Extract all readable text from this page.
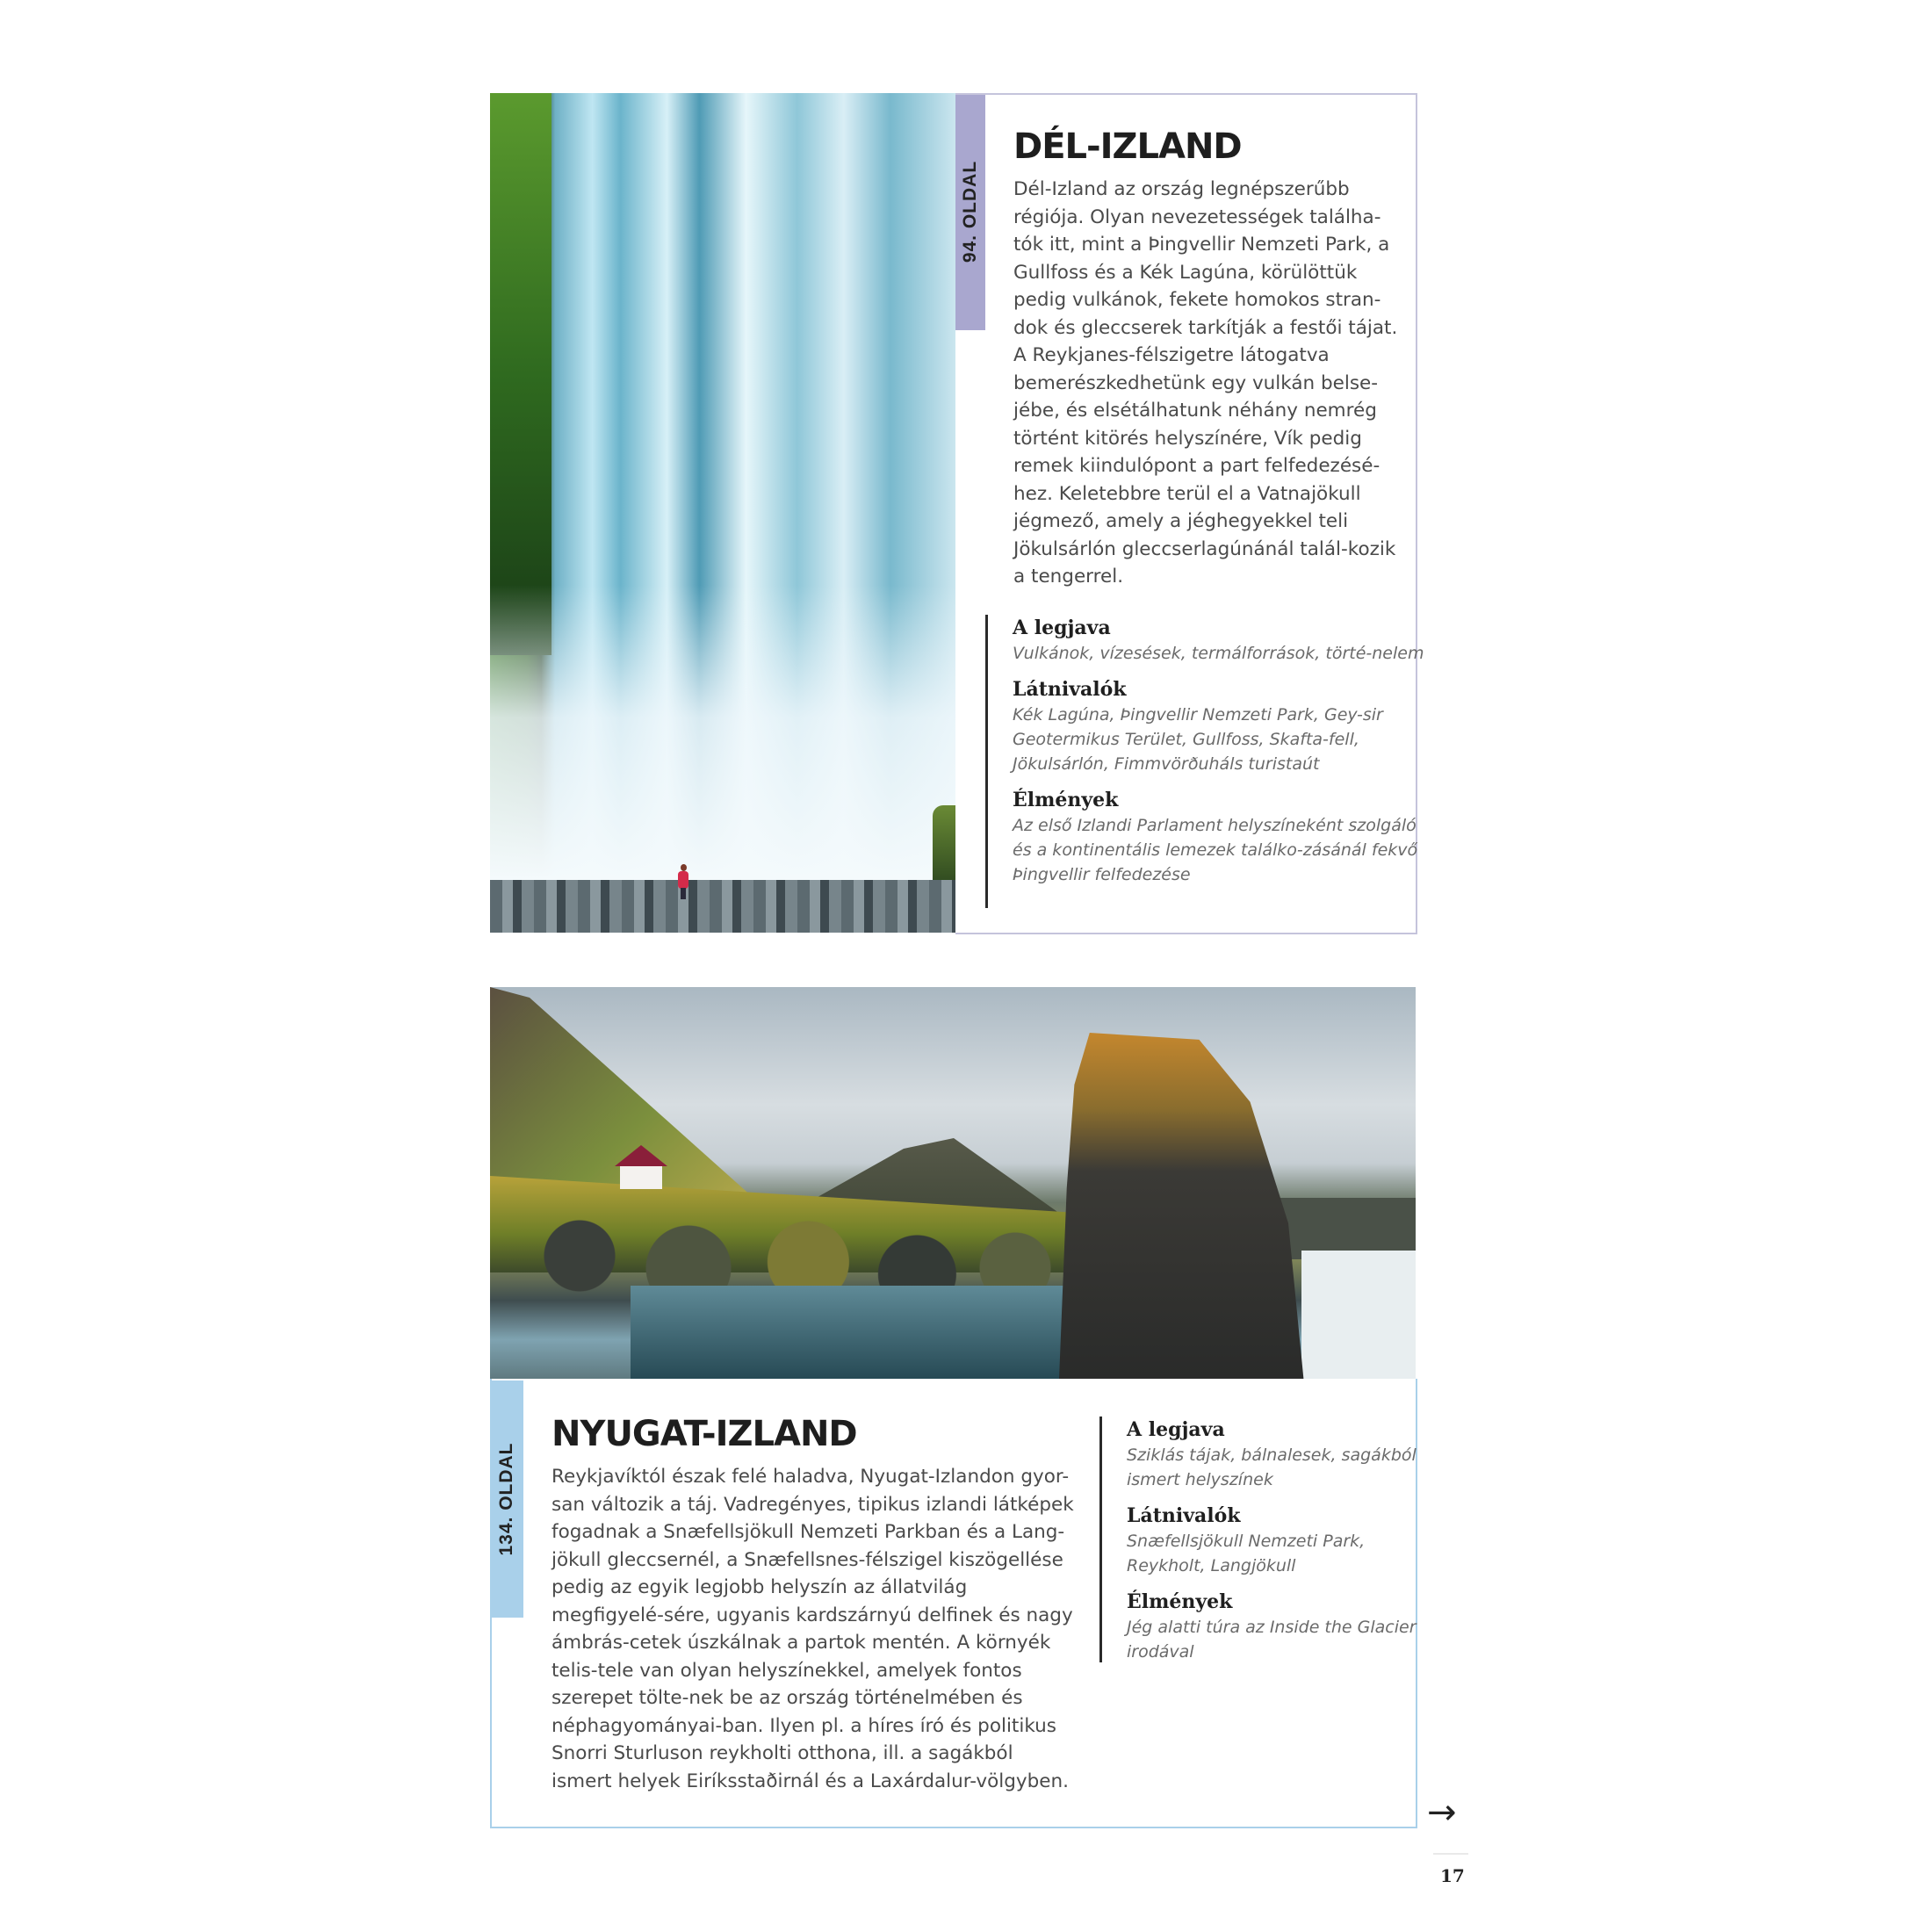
94. OLDAL
DÉL-IZLAND

Dél-Izland az ország legnépszerűbb régiója. Olyan nevezetességek találha-tók itt, mint a Þingvellir Nemzeti Park, a Gullfoss és a Kék Lagúna, körülöttük pedig vulkánok, fekete homokos stran-dok és gleccserek tarkítják a festői tájat. A Reykjanes-félszigetre látogatva bemerészkedhetünk egy vulkán belse-jébe, és elsétálhatunk néhány nemrég történt kitörés helyszínére, Vík pedig remek kiindulópont a part felfedezésé-hez. Keletebbre terül el a Vatnajökull jégmező, amely a jéghegyekkel teli Jökulsárlón gleccserlagúnánál talál-kozik a tengerrel.

A legjava

Vulkánok, vízesések, termálforrások, törté-nelem

Látnivalók

Kék Lagúna, Þingvellir Nemzeti Park, Gey-sir Geotermikus Terület, Gullfoss, Skafta-fell, Jökulsárlón, Fimmvörðuháls turistaút

Élmények

Az első Izlandi Parlament helyszíneként szolgáló és a kontinentális lemezek találko-zásánál fekvő Þingvellir felfedezése

134. OLDAL
NYUGAT-IZLAND

Reykjavíktól észak felé haladva, Nyugat-Izlandon gyor-san változik a táj. Vadregényes, tipikus izlandi látképek fogadnak a Snæfellsjökull Nemzeti Parkban és a Lang-jökull gleccsernél, a Snæfellsnes-félszigel kiszögellése pedig az egyik legjobb helyszín az állatvilág megfigyelé-sére, ugyanis kardszárnyú delfinek és nagy ámbrás-cetek úszkálnak a partok mentén. A környék telis-tele van olyan helyszínekkel, amelyek fontos szerepet tölte-nek be az ország történelmében és néphagyományai-ban. Ilyen pl. a híres író és politikus Snorri Sturluson reykholti otthona, ill. a sagákból ismert helyek Eiríksstaðirnál és a Laxárdalur-völgyben.

A legjava

Sziklás tájak, bálnalesek, sagákból ismert helyszínek

Látnivalók

Snæfellsjökull Nemzeti Park, Reykholt, Langjökull

Élmények

Jég alatti túra az Inside the Glacier irodával

→
17
